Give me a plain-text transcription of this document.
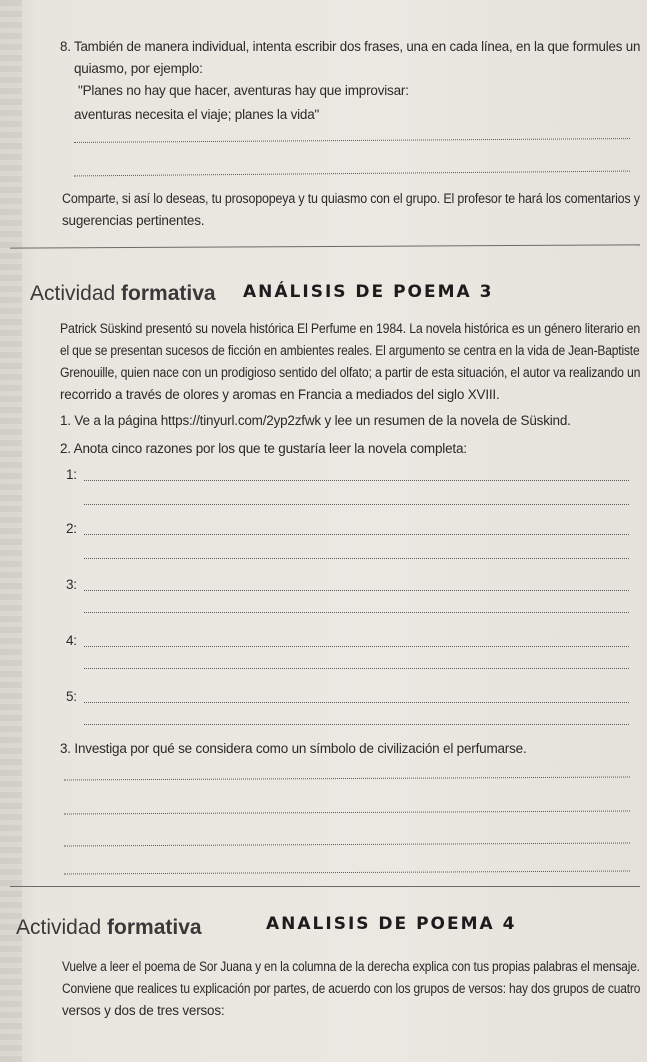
8. También de manera individual, intenta escribir dos frases, una en cada línea, en la que formules un
quiasmo, por ejemplo:
"Planes no hay que hacer, aventuras hay que improvisar:
aventuras necesita el viaje; planes la vida"
Comparte, si así lo deseas, tu prosopopeya y tu quiasmo con el grupo. El profesor te hará los comentarios y
sugerencias pertinentes.
Actividad formativa ANÁLISIS DE POEMA 3
Patrick Süskind presentó su novela histórica El Perfume en 1984. La novela histórica es un género literario en
el que se presentan sucesos de ficción en ambientes reales. El argumento se centra en la vida de Jean-Baptiste
Grenouille, quien nace con un prodigioso sentido del olfato; a partir de esta situación, el autor va realizando un
recorrido a través de olores y aromas en Francia a mediados del siglo XVIII.
1. Ve a la página https://tinyurl.com/2yp2zfwk y lee un resumen de la novela de Süskind.
2. Anota cinco razones por los que te gustaría leer la novela completa:
1:
2:
3:
4:
5:
3. Investiga por qué se considera como un símbolo de civilización el perfumarse.
Actividad formativa	ANALISIS DE POEMA 4
Vuelve a leer el poema de Sor Juana y en la columna de la derecha explica con tus propias palabras el mensaje.
Conviene que realices tu explicación por partes, de acuerdo con los grupos de versos: hay dos grupos de cuatro
versos y dos de tres versos:
